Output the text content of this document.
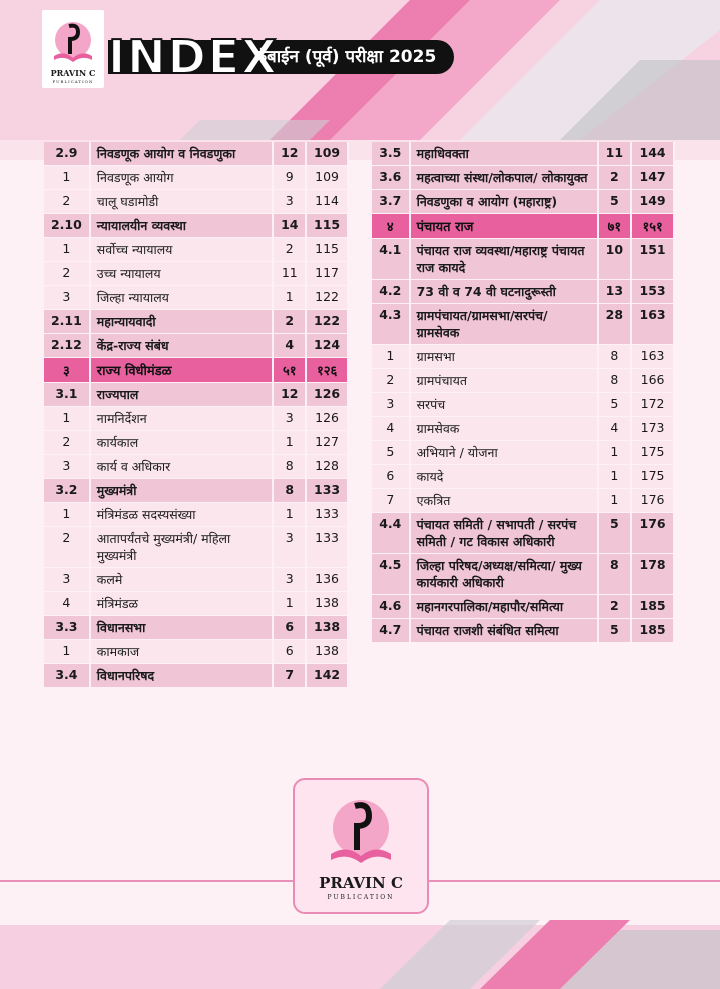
PRAVIN C
PUBLICATION INDEX
कंबाईन (पूर्व) परीक्षा 2025
2.9	निवडणूक आयोग व निवडणुका	12	109
1	निवडणूक आयोग	9	109
2	चालू घडामोडी	3	114
2.10	न्यायालयीन व्यवस्था	14	115
1	सर्वोच्च न्यायालय	2	115
2	उच्च न्यायालय	11	117
3	जिल्हा न्यायालय	1	122
2.11	महान्यायवादी	2	122
2.12	केंद्र-राज्य संबंध	4	124
३	राज्य विधीमंडळ	५१	१२६
3.1	राज्यपाल	12	126
1	नामनिर्देशन	3	126
2	कार्यकाल	1	127
3	कार्य व अधिकार	8	128
3.2	मुख्यमंत्री	8	133
1	मंत्रिमंडळ सदस्यसंख्या	1	133
2	आतापर्यंतचे मुख्यमंत्री/ महिला मुख्यमंत्री	3	133
3	कलमे	3	136
4	मंत्रिमंडळ	1	138
3.3	विधानसभा	6	138
1	कामकाज	6	138
3.4	विधानपरिषद	7	142
3.5	महाधिवक्ता	11	144
3.6	महत्वाच्या संस्था/लोकपाल/ लोकायुक्त	2	147
3.7	निवडणुका व आयोग (महाराष्ट्र)	5	149
४	पंचायत राज	७१	१५१
4.1	पंचायत राज व्यवस्था/महाराष्ट्र पंचायत राज कायदे	10	151
4.2	73 वी व 74 वी घटनादुरूस्ती	13	153
4.3	ग्रामपंचायत/ग्रामसभा/सरपंच/ ग्रामसेवक	28	163
1	ग्रामसभा	8	163
2	ग्रामपंचायत	8	166
3	सरपंच	5	172
4	ग्रामसेवक	4	173
5	अभियाने / योजना	1	175
6	कायदे	1	175
7	एकत्रित	1	176
4.4	पंचायत समिती / सभापती / सरपंच समिती / गट विकास अधिकारी	5	176
4.5	जिल्हा परिषद/अध्यक्ष/समित्या/ मुख्य कार्यकारी अधिकारी	8	178
4.6	महानगरपालिका/महापौर/समित्या	2	185
4.7	पंचायत राजशी संबंधित समित्या	5	185
PRAVIN C
PUBLICATION
